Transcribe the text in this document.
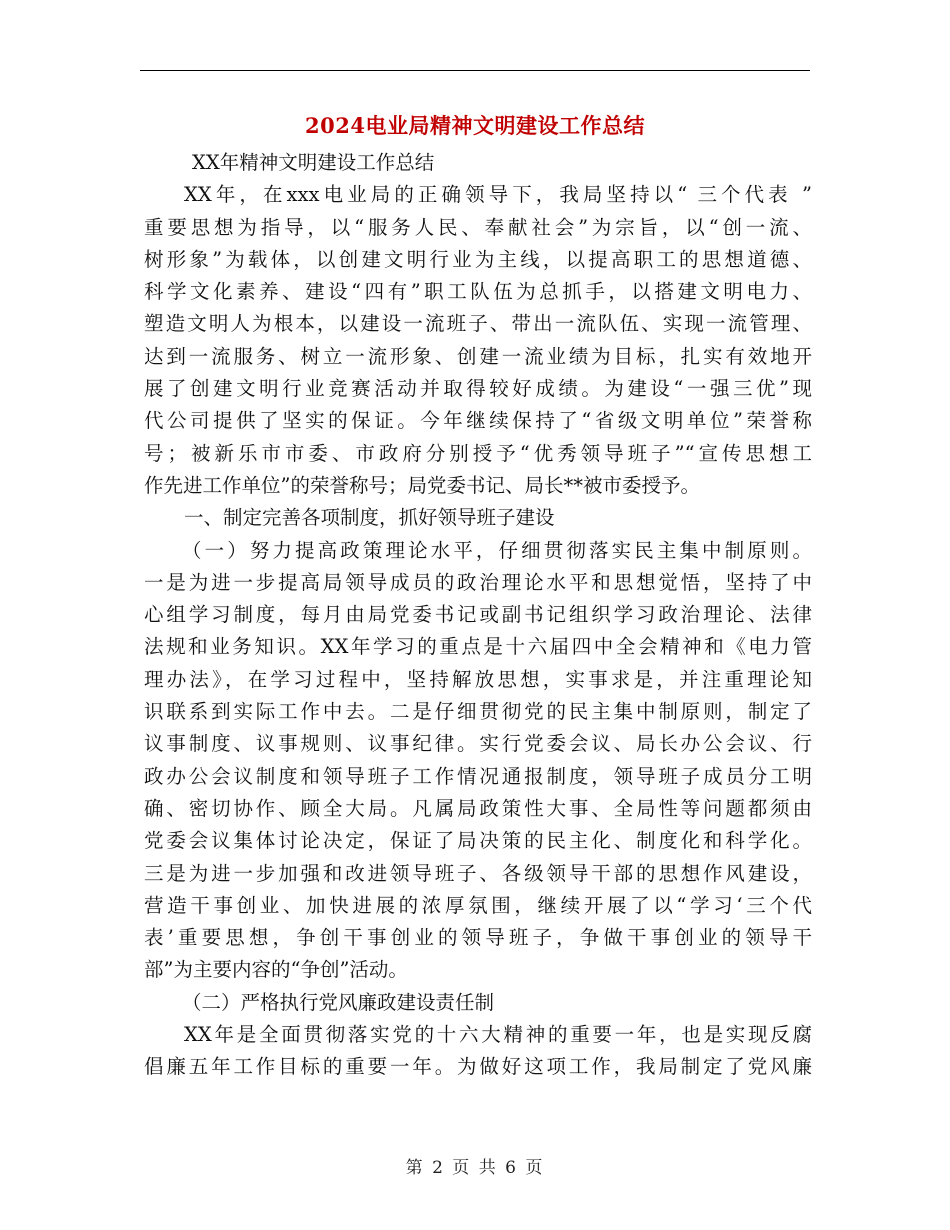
2024电业局精神文明建设工作总结
XX年精神文明建设工作总结
XX年，在xxx电业局的正确领导下，我局坚持以“ 三个代表 ”
重要思想为指导，以“服务人民、奉献社会”为宗旨，以“创一流、
树形象”为载体，以创建文明行业为主线，以提高职工的思想道德、
科学文化素养、建设“四有”职工队伍为总抓手，以搭建文明电力、
塑造文明人为根本，以建设一流班子、带出一流队伍、实现一流管理、
达到一流服务、树立一流形象、创建一流业绩为目标，扎实有效地开
展了创建文明行业竞赛活动并取得较好成绩。为建设“一强三优”现
代公司提供了坚实的保证。今年继续保持了“省级文明单位”荣誉称
号；被新乐市市委、市政府分别授予“优秀领导班子”“宣传思想工
作先进工作单位”的荣誉称号；局党委书记、局长**被市委授予。
一、制定完善各项制度，抓好领导班子建设
（一）努力提高政策理论水平，仔细贯彻落实民主集中制原则。
一是为进一步提高局领导成员的政治理论水平和思想觉悟，坚持了中
心组学习制度，每月由局党委书记或副书记组织学习政治理论、法律
法规和业务知识。XX年学习的重点是十六届四中全会精神和《电力管
理办法》，在学习过程中，坚持解放思想，实事求是，并注重理论知
识联系到实际工作中去。二是仔细贯彻党的民主集中制原则，制定了
议事制度、议事规则、议事纪律。实行党委会议、局长办公会议、行
政办公会议制度和领导班子工作情况通报制度，领导班子成员分工明
确、密切协作、顾全大局。凡属局政策性大事、全局性等问题都须由
党委会议集体讨论决定，保证了局决策的民主化、制度化和科学化。
三是为进一步加强和改进领导班子、各级领导干部的思想作风建设，
营造干事创业、加快进展的浓厚氛围，继续开展了以“学习‘三个代
表’重要思想，争创干事创业的领导班子，争做干事创业的领导干
部”为主要内容的“争创”活动。
（二）严格执行党风廉政建设责任制
XX年是全面贯彻落实党的十六大精神的重要一年，也是实现反腐
倡廉五年工作目标的重要一年。为做好这项工作，我局制定了党风廉
第 2 页 共 6 页
